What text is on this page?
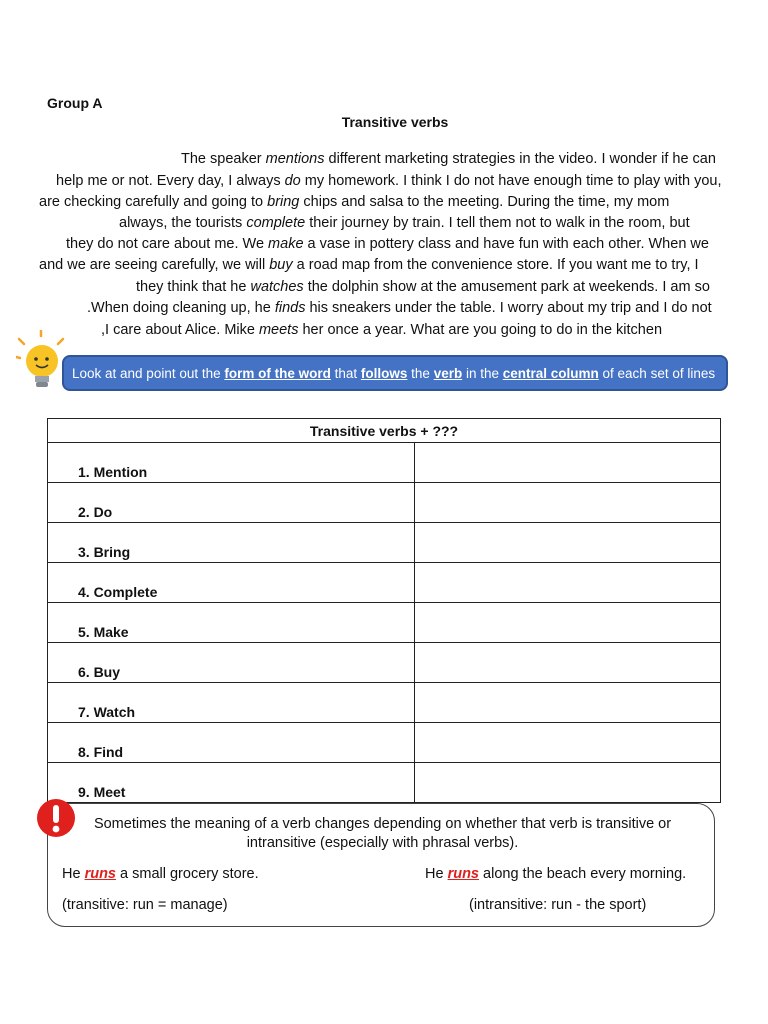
Group A
Transitive verbs
The speaker mentions different marketing strategies in the video. I wonder if he can
help me or not. Every day, I always do my homework. I think I do not have enough time to play with you,
are checking carefully and going to bring chips and salsa to the meeting. During the time, my mom
always, the tourists complete their journey by train. I tell them not to walk in the room, but
they do not care about me. We make a vase in pottery class and have fun with each other. When we
and we are seeing carefully, we will buy a road map from the convenience store. If you want me to try, I
they think that he watches the dolphin show at the amusement park at weekends. I am so
.When doing cleaning up, he finds his sneakers under the table. I worry about my trip and I do not
,I care about Alice. Mike meets her once a year. What are you going to do in the kitchen
Look at and point out the form of the word that follows the verb in the central column of each set of lines
Transitive verbs + ???	
1. Mention	
2. Do	
3. Bring	
4. Complete	
5. Make	
6. Buy	
7. Watch	
8. Find	
9. Meet	
Sometimes the meaning of a verb changes depending on whether that verb is transitive or intransitive (especially with phrasal verbs).
He runs a small grocery store.	He runs along the beach every morning.
(transitive: run = manage)	(intransitive: run - the sport)
